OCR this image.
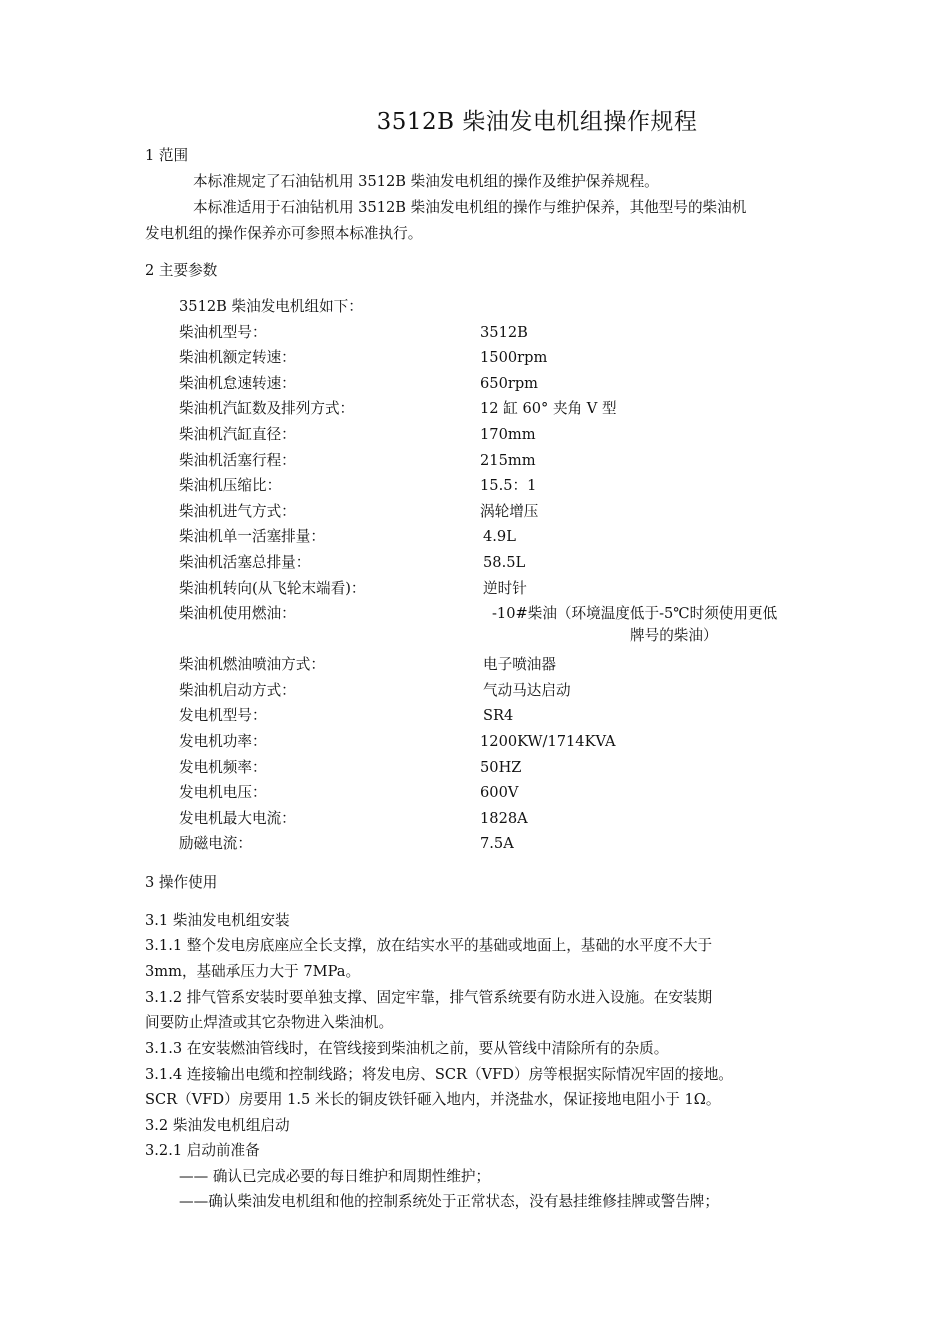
3512B 柴油发电机组操作规程
1 范围
本标准规定了石油钻机用 3512B 柴油发电机组的操作及维护保养规程。
本标准适用于石油钻机用 3512B 柴油发电机组的操作与维护保养，其他型号的柴油机
发电机组的操作保养亦可参照本标准执行。
2 主要参数
3512B 柴油发电机组如下：
柴油机型号：	3512B
柴油机额定转速：	1500rpm
柴油机怠速转速：	650rpm
柴油机汽缸数及排列方式：	12 缸 60° 夹角 V 型
柴油机汽缸直径：	170mm
柴油机活塞行程：	215mm
柴油机压缩比：	15.5：1
柴油机进气方式：	涡轮增压
柴油机单一活塞排量：	4.9L
柴油机活塞总排量：	58.5L
柴油机转向(从飞轮末端看)：	逆时针
柴油机使用燃油：	-10#柴油（环境温度低于-5℃时须使用更低
牌号的柴油）
柴油机燃油喷油方式：	电子喷油器
柴油机启动方式：	气动马达启动
发电机型号：	SR4
发电机功率：	1200KW/1714KVA
发电机频率：	50HZ
发电机电压：	600V
发电机最大电流：	1828A
励磁电流：	7.5A
3 操作使用
3.1 柴油发电机组安装
3.1.1 整个发电房底座应全长支撑，放在结实水平的基础或地面上，基础的水平度不大于
3mm，基础承压力大于 7MPa。
3.1.2 排气管系安装时要单独支撑、固定牢靠，排气管系统要有防水进入设施。在安装期
间要防止焊渣或其它杂物进入柴油机。
3.1.3 在安装燃油管线时，在管线接到柴油机之前，要从管线中清除所有的杂质。
3.1.4 连接输出电缆和控制线路；将发电房、SCR（VFD）房等根据实际情况牢固的接地。
SCR（VFD）房要用 1.5 米长的铜皮铁钎砸入地内，并浇盐水，保证接地电阻小于 1Ω。
3.2 柴油发电机组启动
3.2.1 启动前准备
—— 确认已完成必要的每日维护和周期性维护；
——确认柴油发电机组和他的控制系统处于正常状态，没有悬挂维修挂牌或警告牌；
